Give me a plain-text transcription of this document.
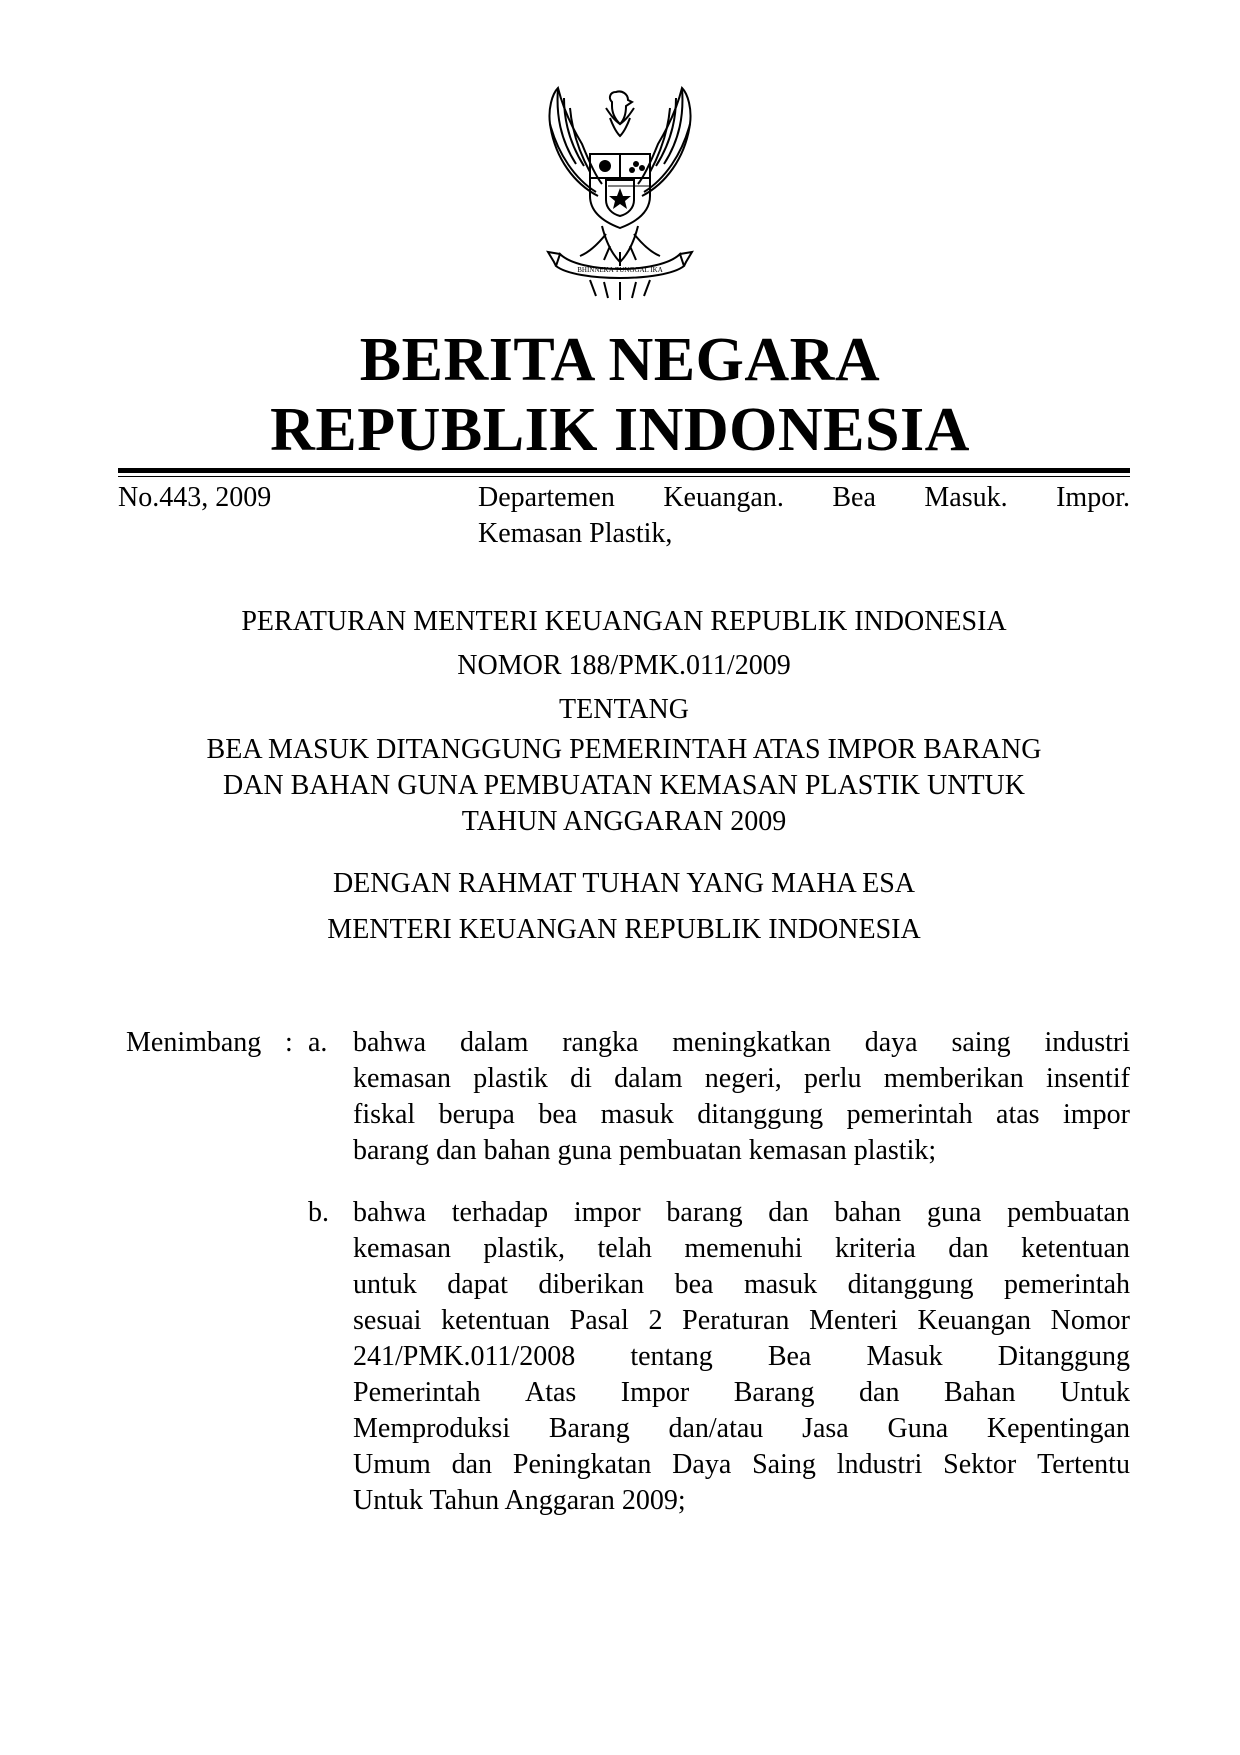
BHINNEKA TUNGGAL IKA
BERITA NEGARA
REPUBLIK INDONESIA
No.443, 2009	Departemen Keuangan. Bea Masuk. Impor.
Kemasan Plastik,
PERATURAN MENTERI KEUANGAN REPUBLIK INDONESIA
NOMOR 188/PMK.011/2009
TENTANG
BEA MASUK DITANGGUNG PEMERINTAH ATAS IMPOR BARANG
DAN BAHAN GUNA PEMBUATAN KEMASAN PLASTIK UNTUK
TAHUN ANGGARAN 2009
DENGAN RAHMAT TUHAN YANG MAHA ESA
MENTERI KEUANGAN REPUBLIK INDONESIA
Menimbang : a. bahwa dalam rangka meningkatkan daya saing industri
kemasan plastik di dalam negeri, perlu memberikan insentif
fiskal berupa bea masuk ditanggung pemerintah atas impor
barang dan bahan guna pembuatan kemasan plastik;
b. bahwa terhadap impor barang dan bahan guna pembuatan
kemasan plastik, telah memenuhi kriteria dan ketentuan
untuk dapat diberikan bea masuk ditanggung pemerintah
sesuai ketentuan Pasal 2 Peraturan Menteri Keuangan Nomor
241/PMK.011/2008 tentang Bea Masuk Ditanggung
Pemerintah Atas Impor Barang dan Bahan Untuk
Memproduksi Barang dan/atau Jasa Guna Kepentingan
Umum dan Peningkatan Daya Saing lndustri Sektor Tertentu
Untuk Tahun Anggaran 2009;
